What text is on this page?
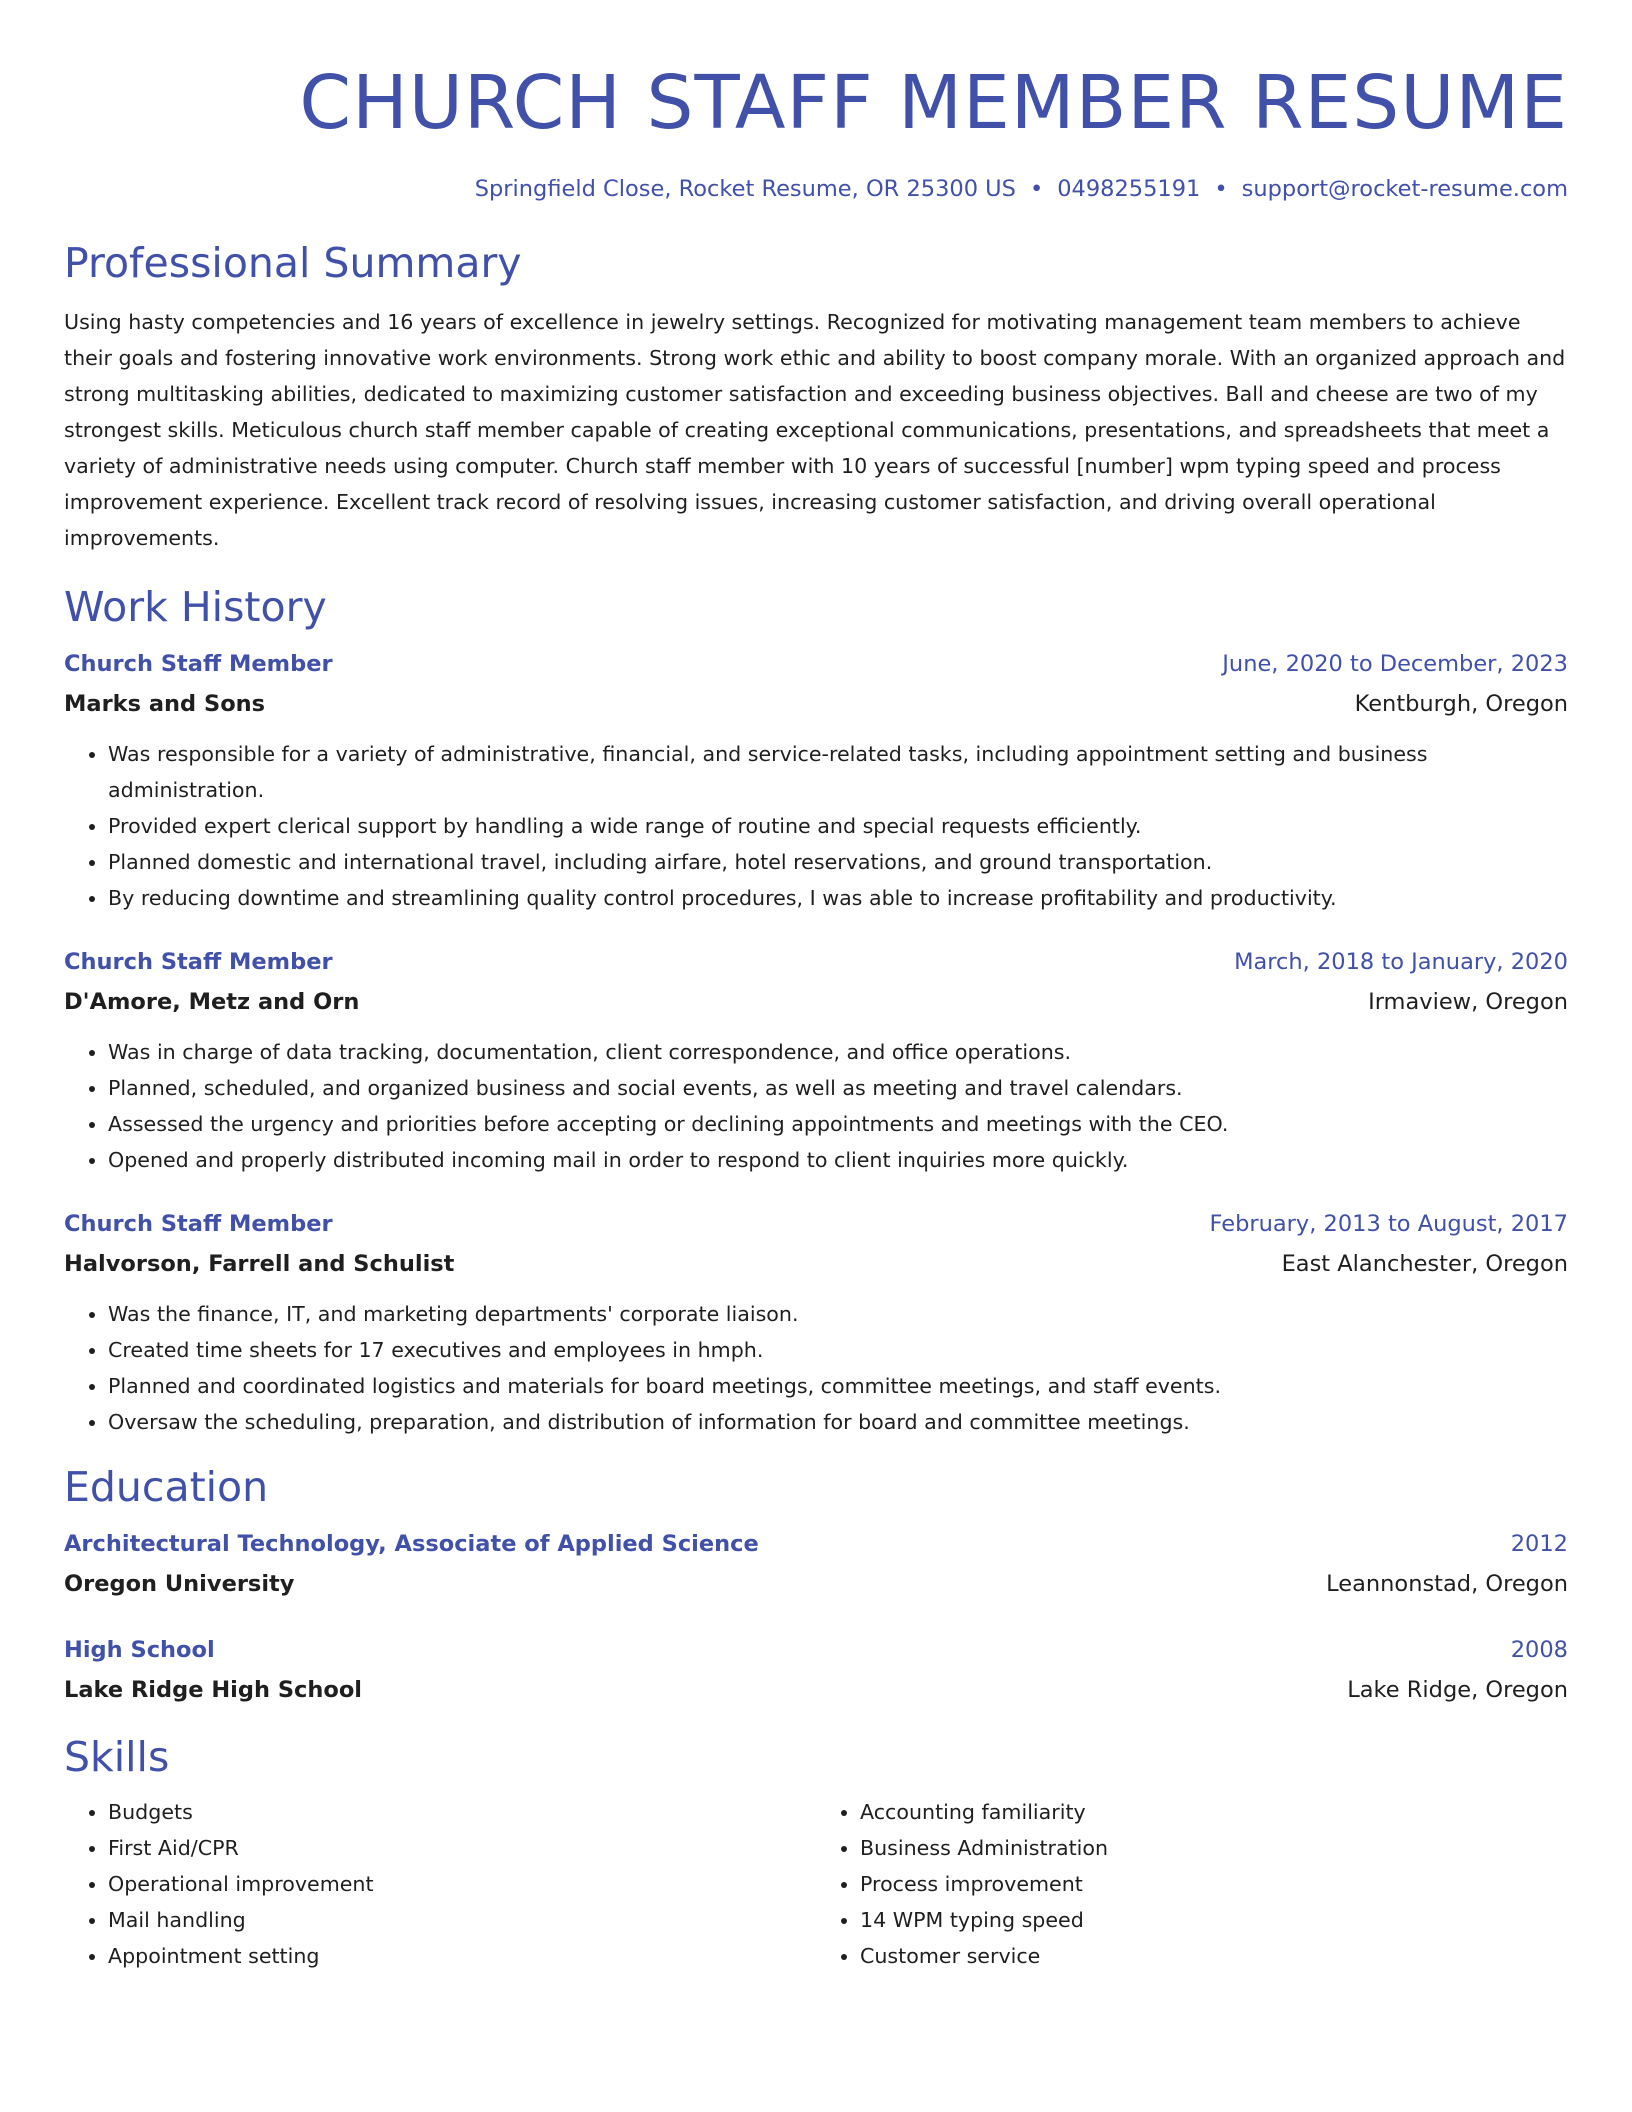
CHURCH STAFF MEMBER RESUME
Springfield Close, Rocket Resume, OR 25300 US • 0498255191 • support@rocket-resume.com
Professional Summary

Using hasty competencies and 16 years of excellence in jewelry settings. Recognized for motivating management team members to achieve their goals and fostering innovative work environments. Strong work ethic and ability to boost company morale. With an organized approach and strong multitasking abilities, dedicated to maximizing customer satisfaction and exceeding business objectives. Ball and cheese are two of my strongest skills. Meticulous church staff member capable of creating exceptional communications, presentations, and spreadsheets that meet a variety of administrative needs using computer. Church staff member with 10 years of successful [number] wpm typing speed and process improvement experience. Excellent track record of resolving issues, increasing customer satisfaction, and driving overall operational improvements.

Work History
Church Staff Member	June, 2020 to December, 2023
Marks and Sons	Kentburgh, Oregon
• Was responsible for a variety of administrative, financial, and service-related tasks, including appointment setting and business administration.
• Provided expert clerical support by handling a wide range of routine and special requests efficiently.
• Planned domestic and international travel, including airfare, hotel reservations, and ground transportation.
• By reducing downtime and streamlining quality control procedures, I was able to increase profitability and productivity.
Church Staff Member	March, 2018 to January, 2020
D'Amore, Metz and Orn	Irmaview, Oregon
• Was in charge of data tracking, documentation, client correspondence, and office operations.
• Planned, scheduled, and organized business and social events, as well as meeting and travel calendars.
• Assessed the urgency and priorities before accepting or declining appointments and meetings with the CEO.
• Opened and properly distributed incoming mail in order to respond to client inquiries more quickly.
Church Staff Member	February, 2013 to August, 2017
Halvorson, Farrell and Schulist	East Alanchester, Oregon
• Was the finance, IT, and marketing departments' corporate liaison.
• Created time sheets for 17 executives and employees in hmph.
• Planned and coordinated logistics and materials for board meetings, committee meetings, and staff events.
• Oversaw the scheduling, preparation, and distribution of information for board and committee meetings.
Education
Architectural Technology, Associate of Applied Science	2012
Oregon University	Leannonstad, Oregon
High School	2008
Lake Ridge High School	Lake Ridge, Oregon
Skills
• Budgets
• First Aid/CPR
• Operational improvement
• Mail handling
• Appointment setting
• Accounting familiarity
• Business Administration
• Process improvement
• 14 WPM typing speed
• Customer service
